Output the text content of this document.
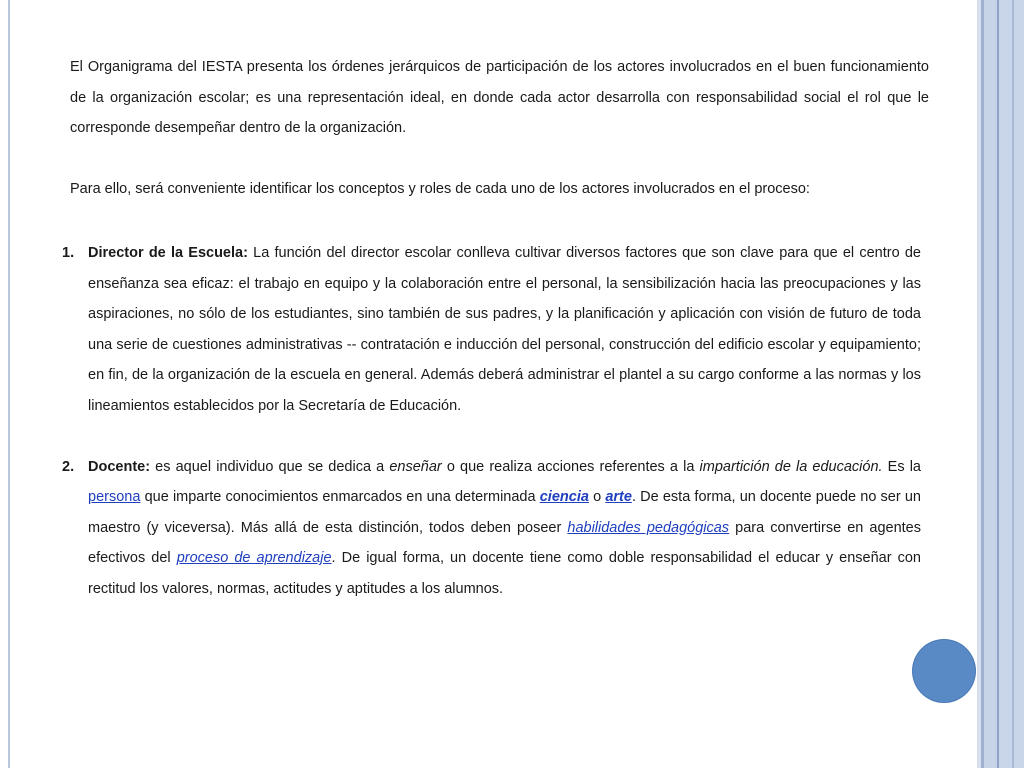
El Organigrama del IESTA presenta los órdenes jerárquicos de participación de los actores involucrados en el buen funcionamiento de la organización escolar; es una representación ideal, en donde cada actor desarrolla con responsabilidad social el rol que le corresponde desempeñar dentro de la organización.

Para ello, será conveniente identificar los conceptos y roles de cada uno de los actores involucrados en el proceso:

1. Director de la Escuela: La función del director escolar conlleva cultivar diversos factores que son clave para que el centro de enseñanza sea eficaz: el trabajo en equipo y la colaboración entre el personal, la sensibilización hacia las preocupaciones y las aspiraciones, no sólo de los estudiantes, sino también de sus padres, y la planificación y aplicación con visión de futuro de toda una serie de cuestiones administrativas -- contratación e inducción del personal, construcción del edificio escolar y equipamiento; en fin, de la organización de la escuela en general. Además deberá administrar el plantel a su cargo conforme a las normas y los lineamientos establecidos por la Secretaría de Educación.

2. Docente: es aquel individuo que se dedica a enseñar o que realiza acciones referentes a la impartición de la educación. Es la persona que imparte conocimientos enmarcados en una determinada ciencia o arte. De esta forma, un docente puede no ser un maestro (y viceversa). Más allá de esta distinción, todos deben poseer habilidades pedagógicas para convertirse en agentes efectivos del proceso de aprendizaje. De igual forma, un docente tiene como doble responsabilidad el educar y enseñar con rectitud los valores, normas, actitudes y aptitudes a los alumnos.
